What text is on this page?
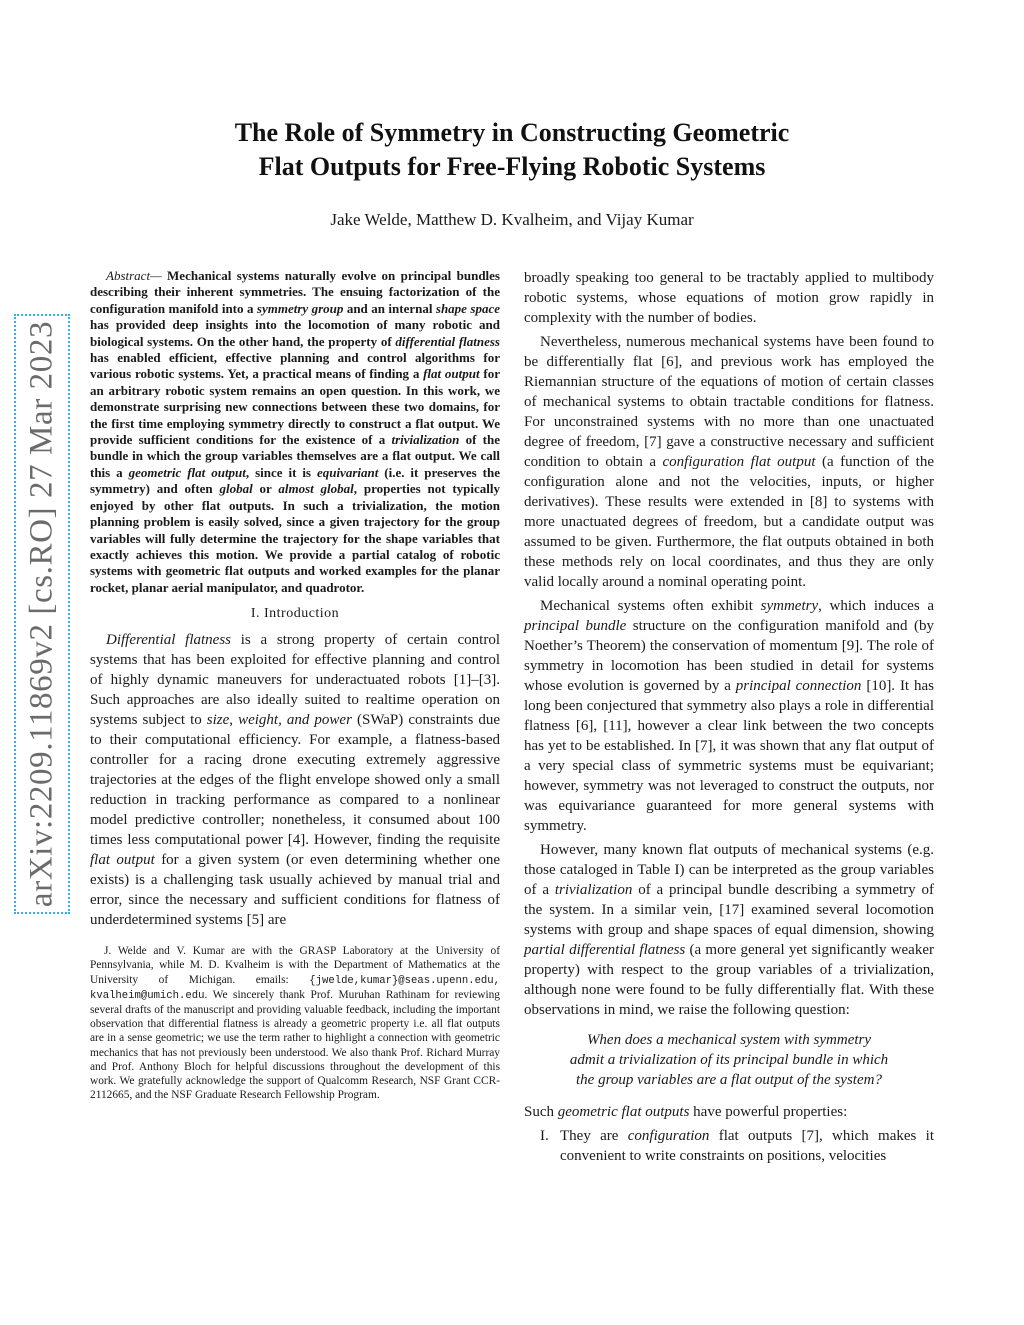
arXiv:2209.11869v2 [cs.RO] 27 Mar 2023
The Role of Symmetry in Constructing Geometric
Flat Outputs for Free-Flying Robotic Systems
Jake Welde, Matthew D. Kvalheim, and Vijay Kumar

Abstract— Mechanical systems naturally evolve on principal bundles describing their inherent symmetries. The ensuing factorization of the configuration manifold into a symmetry group and an internal shape space has provided deep insights into the locomotion of many robotic and biological systems. On the other hand, the property of differential flatness has enabled efficient, effective planning and control algorithms for various robotic systems. Yet, a practical means of finding a flat output for an arbitrary robotic system remains an open question. In this work, we demonstrate surprising new connections between these two domains, for the first time employing symmetry directly to construct a flat output. We provide sufficient conditions for the existence of a trivialization of the bundle in which the group variables themselves are a flat output. We call this a geometric flat output, since it is equivariant (i.e. it preserves the symmetry) and often global or almost global, properties not typically enjoyed by other flat outputs. In such a trivialization, the motion planning problem is easily solved, since a given trajectory for the group variables will fully determine the trajectory for the shape variables that exactly achieves this motion. We provide a partial catalog of robotic systems with geometric flat outputs and worked examples for the planar rocket, planar aerial manipulator, and quadrotor.

I. Introduction

Differential flatness is a strong property of certain control systems that has been exploited for effective planning and control of highly dynamic maneuvers for underactuated robots [1]–[3]. Such approaches are also ideally suited to realtime operation on systems subject to size, weight, and power (SWaP) constraints due to their computational efficiency. For example, a flatness-based controller for a racing drone executing extremely aggressive trajectories at the edges of the flight envelope showed only a small reduction in tracking performance as compared to a nonlinear model predictive controller; nonetheless, it consumed about 100 times less computational power [4]. However, finding the requisite flat output for a given system (or even determining whether one exists) is a challenging task usually achieved by manual trial and error, since the necessary and sufficient conditions for flatness of underdetermined systems [5] are

J. Welde and V. Kumar are with the GRASP Laboratory at the University of Pennsylvania, while M. D. Kvalheim is with the Department of Mathematics at the University of Michigan. emails: {jwelde,kumar}@seas.upenn.edu, kvalheim@umich.edu. We sincerely thank Prof. Muruhan Rathinam for reviewing several drafts of the manuscript and providing valuable feedback, including the important observation that differential flatness is already a geometric property i.e. all flat outputs are in a sense geometric; we use the term rather to highlight a connection with geometric mechanics that has not previously been understood. We also thank Prof. Richard Murray and Prof. Anthony Bloch for helpful discussions throughout the development of this work. We gratefully acknowledge the support of Qualcomm Research, NSF Grant CCR-2112665, and the NSF Graduate Research Fellowship Program.

broadly speaking too general to be tractably applied to multibody robotic systems, whose equations of motion grow rapidly in complexity with the number of bodies.

Nevertheless, numerous mechanical systems have been found to be differentially flat [6], and previous work has employed the Riemannian structure of the equations of motion of certain classes of mechanical systems to obtain tractable conditions for flatness. For unconstrained systems with no more than one unactuated degree of freedom, [7] gave a constructive necessary and sufficient condition to obtain a configuration flat output (a function of the configuration alone and not the velocities, inputs, or higher derivatives). These results were extended in [8] to systems with more unactuated degrees of freedom, but a candidate output was assumed to be given. Furthermore, the flat outputs obtained in both these methods rely on local coordinates, and thus they are only valid locally around a nominal operating point.

Mechanical systems often exhibit symmetry, which induces a principal bundle structure on the configuration manifold and (by Noether’s Theorem) the conservation of momentum [9]. The role of symmetry in locomotion has been studied in detail for systems whose evolution is governed by a principal connection [10]. It has long been conjectured that symmetry also plays a role in differential flatness [6], [11], however a clear link between the two concepts has yet to be established. In [7], it was shown that any flat output of a very special class of symmetric systems must be equivariant; however, symmetry was not leveraged to construct the outputs, nor was equivariance guaranteed for more general systems with symmetry.

However, many known flat outputs of mechanical systems (e.g. those cataloged in Table I) can be interpreted as the group variables of a trivialization of a principal bundle describing a symmetry of the system. In a similar vein, [17] examined several locomotion systems with group and shape spaces of equal dimension, showing partial differential flatness (a more general yet significantly weaker property) with respect to the group variables of a trivialization, although none were found to be fully differentially flat. With these observations in mind, we raise the following question:

When does a mechanical system with symmetry
admit a trivialization of its principal bundle in which
the group variables are a flat output of the system?

Such geometric flat outputs have powerful properties:

I. They are configuration flat outputs [7], which makes it convenient to write constraints on positions, velocities
